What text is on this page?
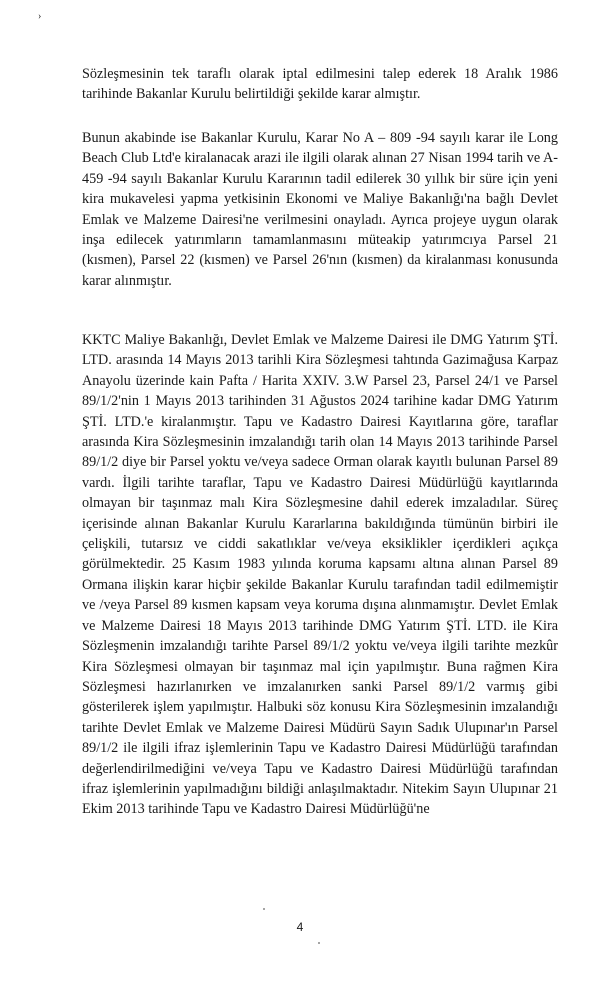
›

Sözleşmesinin tek taraflı olarak iptal edilmesini talep ederek 18 Aralık 1986 tarihinde Bakanlar Kurulu belirtildiği şekilde karar almıştır.

Bunun akabinde ise Bakanlar Kurulu, Karar No A – 809 -94 sayılı karar ile Long Beach Club Ltd'e kiralanacak arazi ile ilgili olarak alınan 27 Nisan 1994 tarih ve A-459 -94 sayılı Bakanlar Kurulu Kararının tadil edilerek 30 yıllık bir süre için yeni kira mukavelesi yapma yetkisinin Ekonomi ve Maliye Bakanlığı'na bağlı Devlet Emlak ve Malzeme Dairesi'ne verilmesini onayladı. Ayrıca projeye uygun olarak inşa edilecek yatırımların tamamlanmasını müteakip yatırımcıya Parsel 21 (kısmen), Parsel 22 (kısmen) ve Parsel 26'nın (kısmen) da kiralanması konusunda karar alınmıştır.

KKTC Maliye Bakanlığı, Devlet Emlak ve Malzeme Dairesi ile DMG Yatırım ŞTİ. LTD. arasında 14 Mayıs 2013 tarihli Kira Sözleşmesi tahtında Gazimağusa Karpaz Anayolu üzerinde kain Pafta / Harita XXIV. 3.W Parsel 23, Parsel 24/1 ve Parsel 89/1/2'nin 1 Mayıs 2013 tarihinden 31 Ağustos 2024 tarihine kadar DMG Yatırım ŞTİ. LTD.'e kiralanmıştır. Tapu ve Kadastro Dairesi Kayıtlarına göre, taraflar arasında Kira Sözleşmesinin imzalandığı tarih olan 14 Mayıs 2013 tarihinde Parsel 89/1/2 diye bir Parsel yoktu ve/veya sadece Orman olarak kayıtlı bulunan Parsel 89 vardı. İlgili tarihte taraflar, Tapu ve Kadastro Dairesi Müdürlüğü kayıtlarında olmayan bir taşınmaz malı Kira Sözleşmesine dahil ederek imzaladılar. Süreç içerisinde alınan Bakanlar Kurulu Kararlarına bakıldığında tümünün birbiri ile çelişkili, tutarsız ve ciddi sakatlıklar ve/veya eksiklikler içerdikleri açıkça görülmektedir. 25 Kasım 1983 yılında koruma kapsamı altına alınan Parsel 89 Ormana ilişkin karar hiçbir şekilde Bakanlar Kurulu tarafından tadil edilmemiştir ve /veya Parsel 89 kısmen kapsam veya koruma dışına alınmamıştır. Devlet Emlak ve Malzeme Dairesi 18 Mayıs 2013 tarihinde DMG Yatırım ŞTİ. LTD. ile Kira Sözleşmenin imzalandığı tarihte Parsel 89/1/2 yoktu ve/veya ilgili tarihte mezkûr Kira Sözleşmesi olmayan bir taşınmaz mal için yapılmıştır. Buna rağmen Kira Sözleşmesi hazırlanırken ve imzalanırken sanki Parsel 89/1/2 varmış gibi gösterilerek işlem yapılmıştır. Halbuki söz konusu Kira Sözleşmesinin imzalandığı tarihte Devlet Emlak ve Malzeme Dairesi Müdürü Sayın Sadık Ulupınar'ın Parsel 89/1/2 ile ilgili ifraz işlemlerinin Tapu ve Kadastro Dairesi Müdürlüğü tarafından değerlendirilmediğini ve/veya Tapu ve Kadastro Dairesi Müdürlüğü tarafından ifraz işlemlerinin yapılmadığını bildiği anlaşılmaktadır. Nitekim Sayın Ulupınar 21 Ekim 2013 tarihinde Tapu ve Kadastro Dairesi Müdürlüğü'ne

4
